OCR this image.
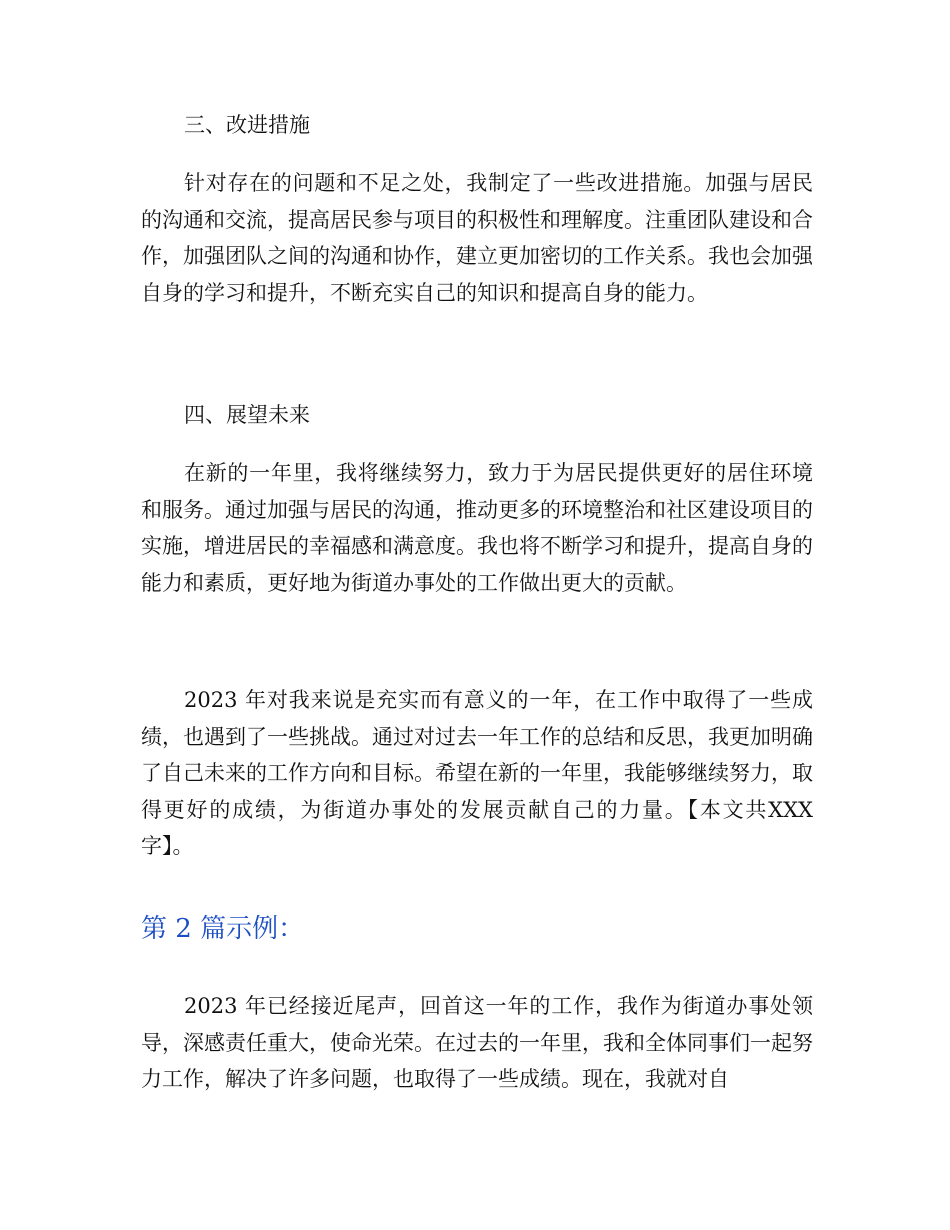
三、改进措施

针对存在的问题和不足之处，我制定了一些改进措施。加强与居民的沟通和交流，提高居民参与项目的积极性和理解度。注重团队建设和合作，加强团队之间的沟通和协作，建立更加密切的工作关系。我也会加强自身的学习和提升，不断充实自己的知识和提高自身的能力。

四、展望未来

在新的一年里，我将继续努力，致力于为居民提供更好的居住环境和服务。通过加强与居民的沟通，推动更多的环境整治和社区建设项目的实施，增进居民的幸福感和满意度。我也将不断学习和提升，提高自身的能力和素质，更好地为街道办事处的工作做出更大的贡献。

2023 年对我来说是充实而有意义的一年，在工作中取得了一些成绩，也遇到了一些挑战。通过对过去一年工作的总结和反思，我更加明确了自己未来的工作方向和目标。希望在新的一年里，我能够继续努力，取得更好的成绩，为街道办事处的发展贡献自己的力量。【本文共XXX 字】。

第 2 篇示例：

2023 年已经接近尾声，回首这一年的工作，我作为街道办事处领导，深感责任重大，使命光荣。在过去的一年里，我和全体同事们一起努力工作，解决了许多问题，也取得了一些成绩。现在，我就对自
